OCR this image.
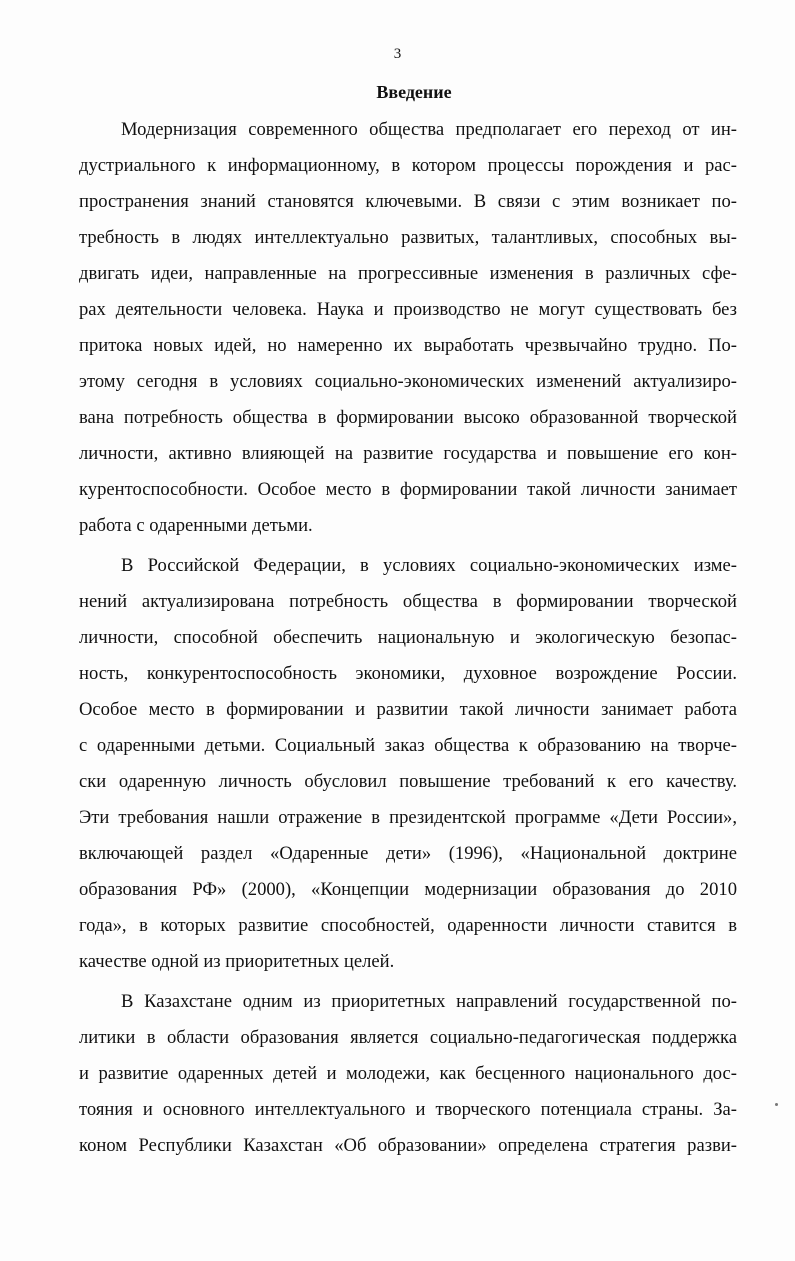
3
Введение
Модернизация современного общества предполагает его переход от ин-
дустриального к информационному, в котором процессы порождения и рас-
пространения знаний становятся ключевыми. В связи с этим возникает по-
требность в людях интеллектуально развитых, талантливых, способных вы-
двигать идеи, направленные на прогрессивные изменения в различных сфе-
рах деятельности человека. Наука и производство не могут существовать без
притока новых идей, но намеренно их выработать чрезвычайно трудно. По-
этому сегодня в условиях социально-экономических изменений актуализиро-
вана потребность общества в формировании высоко образованной творческой
личности, активно влияющей на развитие государства и повышение его кон-
курентоспособности. Особое место в формировании такой личности занимает
работа с одаренными детьми.
В Российской Федерации, в условиях социально-экономических изме-
нений актуализирована потребность общества в формировании творческой
личности, способной обеспечить национальную и экологическую безопас-
ность, конкурентоспособность экономики, духовное возрождение России.
Особое место в формировании и развитии такой личности занимает работа
с одаренными детьми. Социальный заказ общества к образованию на творче-
ски одаренную личность обусловил повышение требований к его качеству.
Эти требования нашли отражение в президентской программе «Дети России»,
включающей раздел «Одаренные дети» (1996), «Национальной доктрине
образования РФ» (2000), «Концепции модернизации образования до 2010
года», в которых развитие способностей, одаренности личности ставится в
качестве одной из приоритетных целей.
В Казахстане одним из приоритетных направлений государственной по-
литики в области образования является социально-педагогическая поддержка
и развитие одаренных детей и молодежи, как бесценного национального дос-
тояния и основного интеллектуального и творческого потенциала страны. За-
коном Республики Казахстан «Об образовании» определена стратегия разви-
